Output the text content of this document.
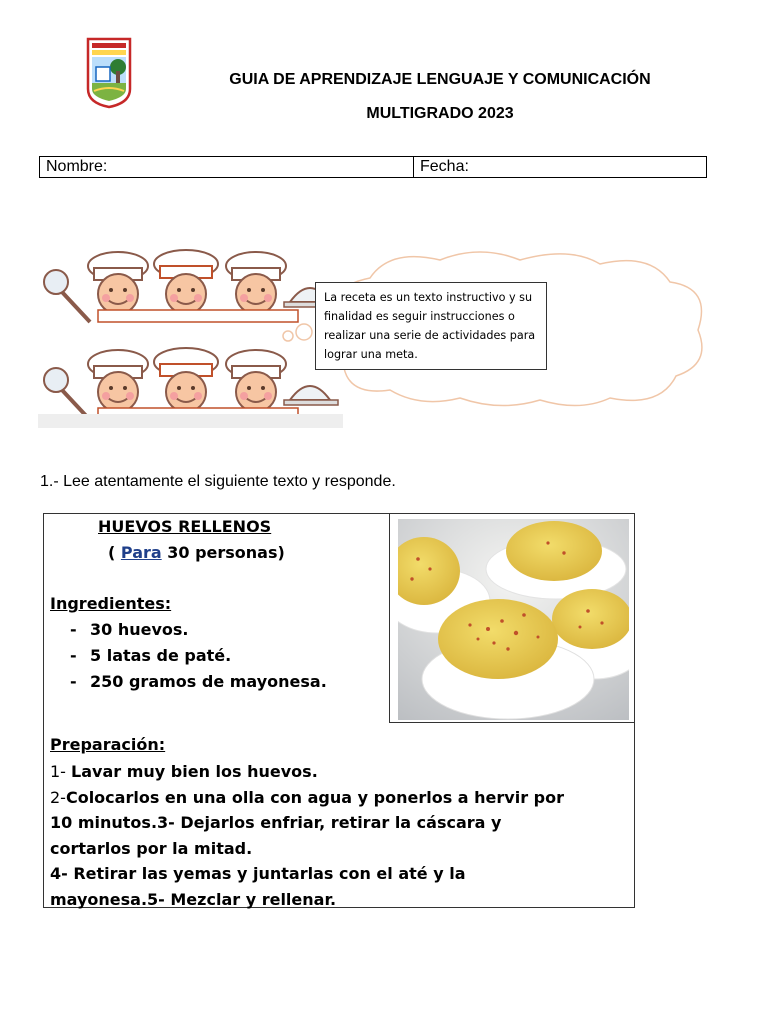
GUIA DE APRENDIZAJE LENGUAJE Y COMUNICACIÓN
MULTIGRADO 2023
Nombre:	Fecha:
La receta es un texto instructivo y su
finalidad es seguir instrucciones o
realizar una serie de actividades para
lograr una meta.
1.- Lee atentamente el siguiente texto y responde.
HUEVOS RELLENOS
( Para 30 personas)
Ingredientes:
- 30 huevos.
- 5 latas de paté.
- 250 gramos de mayonesa.
Preparación:
1- Lavar muy bien los huevos.
2-Colocarlos en una olla con agua y ponerlos a hervir por
10 minutos.3- Dejarlos enfriar, retirar la cáscara y
cortarlos por la mitad.
4- Retirar las yemas y juntarlas con el até y la
mayonesa.5- Mezclar y rellenar.
